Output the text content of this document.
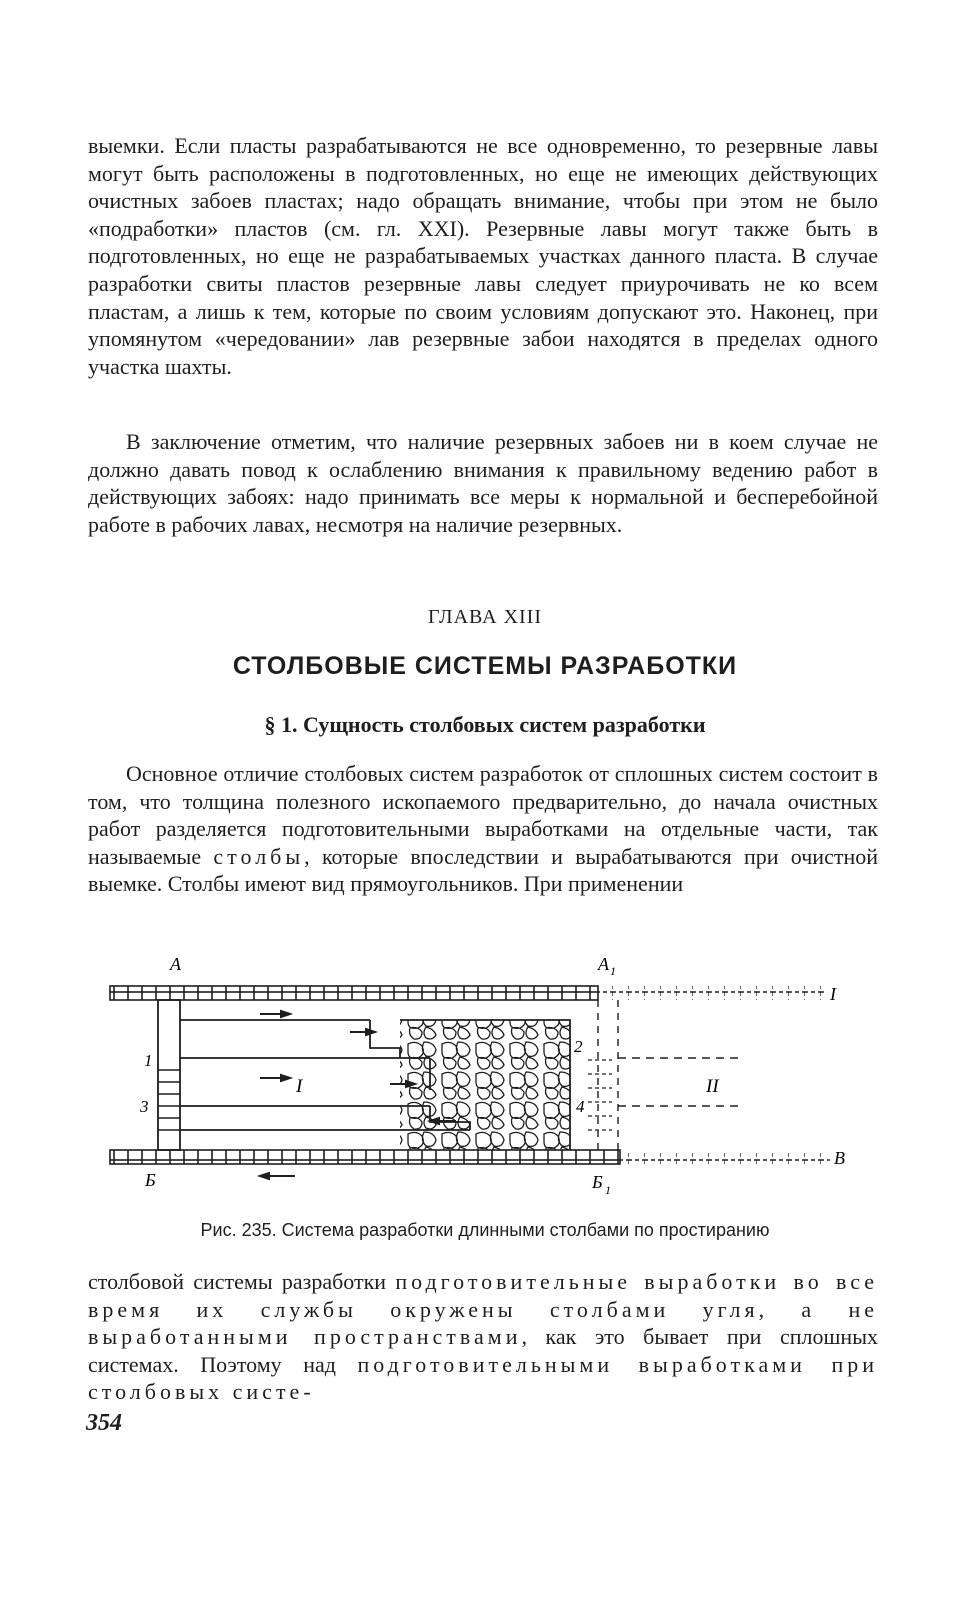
выемки. Если пласты разрабатываются не все одновременно, то резервные лавы могут быть расположены в подготовленных, но еще не имеющих действующих очистных забоев пластах; надо обращать внимание, чтобы при этом не было «подработки» пластов (см. гл. XXI). Резервные лавы могут также быть в подготовленных, но еще не разрабатываемых участках данного пласта. В случае разработки свиты пластов резервные лавы следует приурочивать не ко всем пластам, а лишь к тем, которые по своим условиям допускают это. Наконец, при упомянутом «чередовании» лав резервные забои находятся в пределах одного участка шахты.

В заключение отметим, что наличие резервных забоев ни в коем случае не должно давать повод к ослаблению внимания к правильному ведению работ в действующих забоях: надо принимать все меры к нормальной и бесперебойной работе в рабочих лавах, несмотря на наличие резервных.

ГЛАВА XIII
СТОЛБОВЫЕ СИСТЕМЫ РАЗРАБОТКИ
§ 1. Сущность столбовых систем разработки

Основное отличие столбовых систем разработок от сплошных систем состоит в том, что толщина полезного ископаемого предварительно, до начала очистных работ разделяется подготовительными выработками на отдельные части, так называемые столбы, которые впоследствии и вырабатываются при очистной выемке. Столбы имеют вид прямоугольников. При применении

А	А 1
Б	Б 1
1
3
2
4
I	II
I
В
Рис. 235. Система разработки длинными столбами по простиранию

столбовой системы разработки подготовительные выработки во все время их службы окружены столбами угля, а не выработанными пространствами, как это бывает при сплошных системах. Поэтому над подготовительными выработками при столбовых систе-

354
